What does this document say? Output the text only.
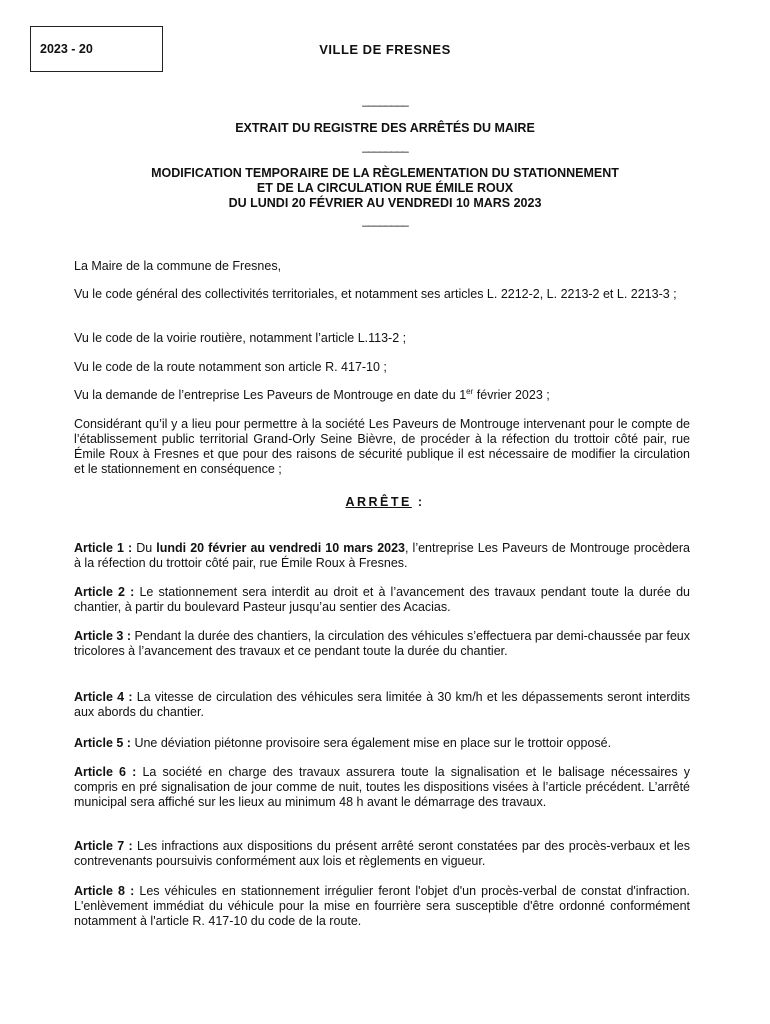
2023 - 20	VILLE DE FRESNES
________
EXTRAIT DU REGISTRE DES ARRÊTÉS DU MAIRE
________
MODIFICATION TEMPORAIRE DE LA RÈGLEMENTATION DU STATIONNEMENT
ET DE LA CIRCULATION RUE ÉMILE ROUX
DU LUNDI 20 FÉVRIER AU VENDREDI 10 MARS 2023
________
La Maire de la commune de Fresnes,
Vu le code général des collectivités territoriales, et notamment ses articles L. 2212-2, L. 2213-2 et L. 2213-3 ;
Vu le code de la voirie routière, notamment l’article L.113-2 ;
Vu le code de la route notamment son article R. 417-10 ;
Vu la demande de l’entreprise Les Paveurs de Montrouge en date du 1er février 2023 ;
Considérant qu’il y a lieu pour permettre à la société Les Paveurs de Montrouge intervenant pour le compte de l’établissement public territorial Grand-Orly Seine Bièvre, de procéder à la réfection du trottoir côté pair, rue Émile Roux à Fresnes et que pour des raisons de sécurité publique il est nécessaire de modifier la circulation et le stationnement en conséquence ;
ARRÊTE :
Article 1 : Du lundi 20 février au vendredi 10 mars 2023, l’entreprise Les Paveurs de Montrouge procèdera à la réfection du trottoir côté pair, rue Émile Roux à Fresnes.
Article 2 : Le stationnement sera interdit au droit et à l’avancement des travaux pendant toute la durée du chantier, à partir du boulevard Pasteur jusqu’au sentier des Acacias.
Article 3 : Pendant la durée des chantiers, la circulation des véhicules s’effectuera par demi-chaussée par feux tricolores à l’avancement des travaux et ce pendant toute la durée du chantier.
Article 4 : La vitesse de circulation des véhicules sera limitée à 30 km/h et les dépassements seront interdits aux abords du chantier.
Article 5 : Une déviation piétonne provisoire sera également mise en place sur le trottoir opposé.
Article 6 : La société en charge des travaux assurera toute la signalisation et le balisage nécessaires y compris en pré signalisation de jour comme de nuit, toutes les dispositions visées à l’article précédent. L’arrêté municipal sera affiché sur les lieux au minimum 48 h avant le démarrage des travaux.
Article 7 : Les infractions aux dispositions du présent arrêté seront constatées par des procès-verbaux et les contrevenants poursuivis conformément aux lois et règlements en vigueur.
Article 8 : Les véhicules en stationnement irrégulier feront l'objet d'un procès-verbal de constat d'infraction. L'enlèvement immédiat du véhicule pour la mise en fourrière sera susceptible d'être ordonné conformément notamment à l'article R. 417-10 du code de la route.
